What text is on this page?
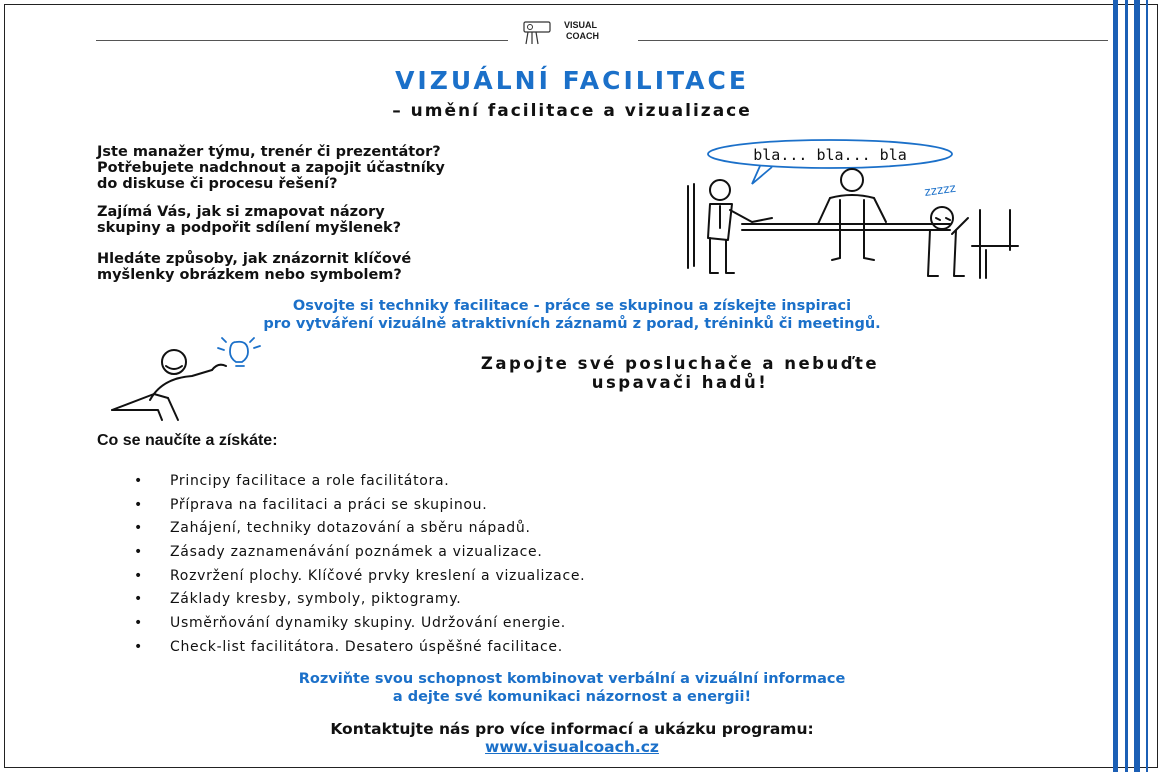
VISUAL
COACH
VIZUÁLNÍ FACILITACE
– umění facilitace a vizualizace
Jste manažer týmu, trenér či prezentátor?
Potřebujete nadchnout a zapojit účastníky
do diskuse či procesu řešení?
Zajímá Vás, jak si zmapovat názory
skupiny a podpořit sdílení myšlenek?
Hledáte způsoby, jak znázornit klíčové
myšlenky obrázkem nebo symbolem?
bla... bla... bla
zzzzz
Osvojte si techniky facilitace - práce se skupinou a získejte inspiraci
pro vytváření vizuálně atraktivních záznamů z porad, tréninků či meetingů.
Zapojte své posluchače a nebuďte
uspavači hadů!
Co se naučíte a získáte:
• Principy facilitace a role facilitátora.
• Příprava na facilitaci a práci se skupinou.
• Zahájení, techniky dotazování a sběru nápadů.
• Zásady zaznamenávání poznámek a vizualizace.
• Rozvržení plochy. Klíčové prvky kreslení a vizualizace.
• Základy kresby, symboly, piktogramy.
• Usměrňování dynamiky skupiny. Udržování energie.
• Check-list facilitátora. Desatero úspěšné facilitace.
Rozviňte svou schopnost kombinovat verbální a vizuální informace
a dejte své komunikaci názornost a energii!
Kontaktujte nás pro více informací a ukázku programu:
www.visualcoach.cz
